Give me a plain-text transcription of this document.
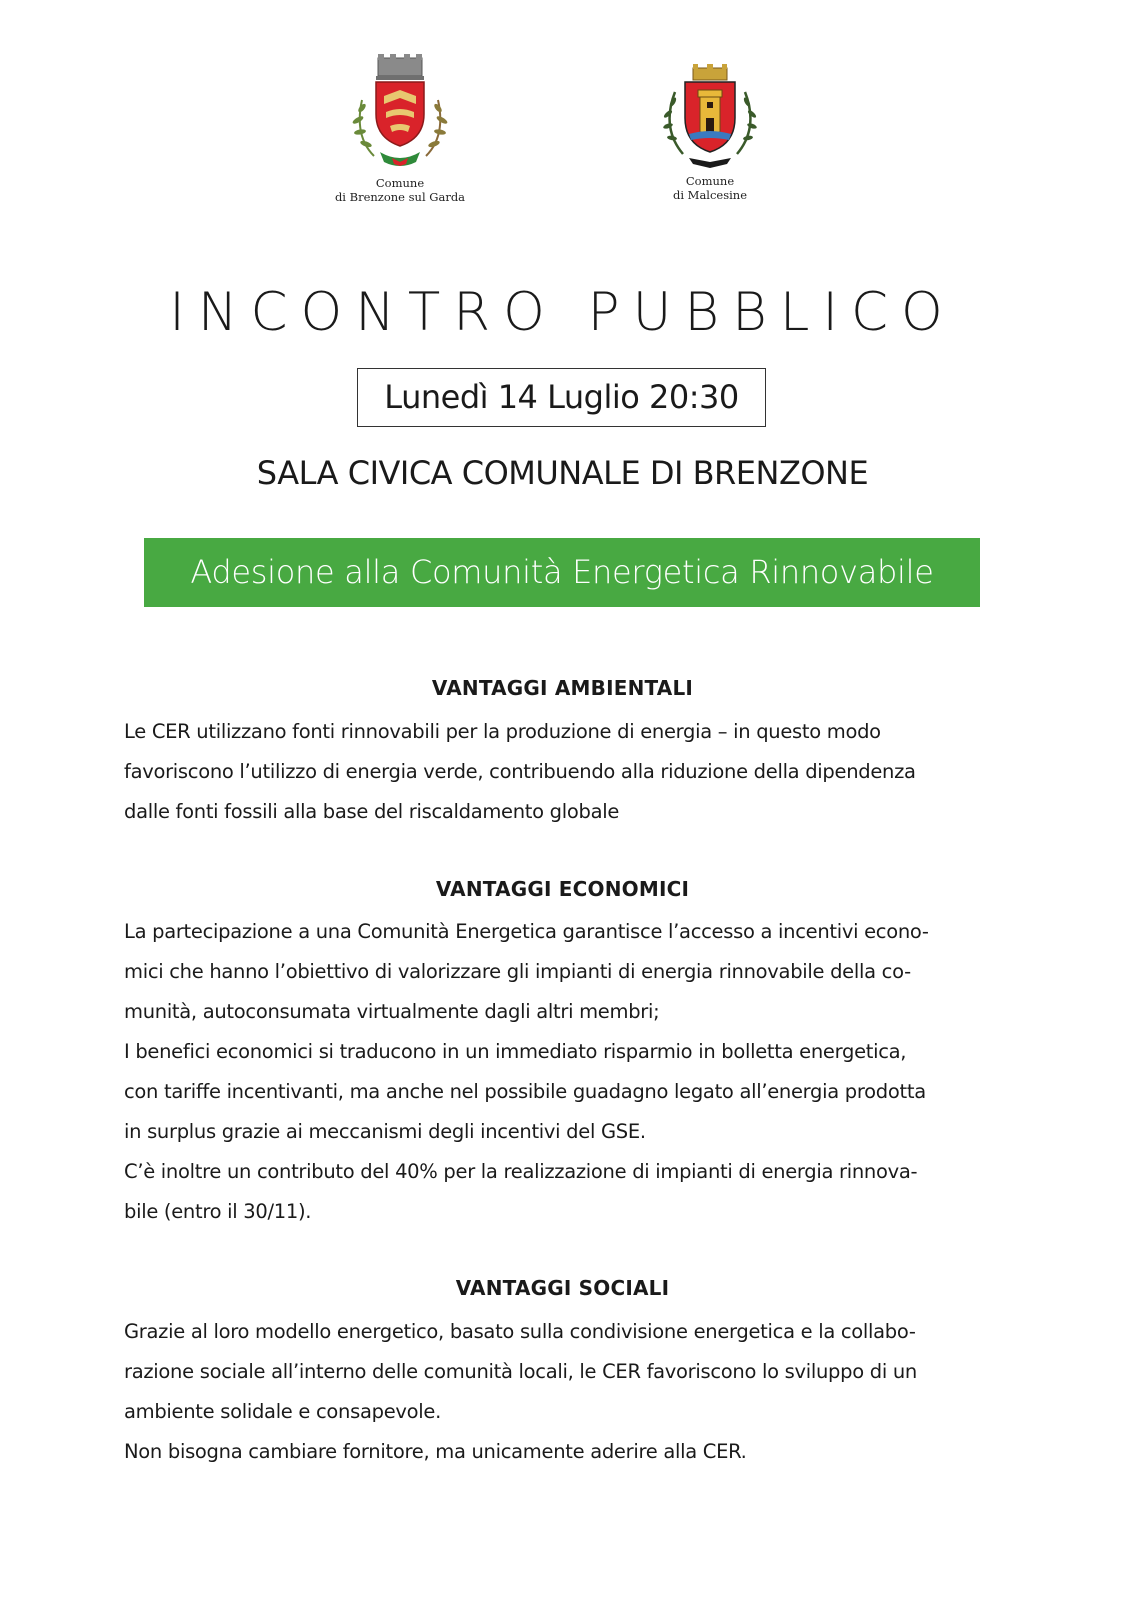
Comune
di Brenzone sul Garda
Comune
di Malcesine
INCONTRO PUBBLICO
Lunedì 14 Luglio 20:30
SALA CIVICA COMUNALE DI BRENZONE
Adesione alla Comunità Energetica Rinnovabile
VANTAGGI AMBIENTALI

Le CER utilizzano fonti rinnovabili per la produzione di energia – in questo modo

favoriscono l’utilizzo di energia verde, contribuendo alla riduzione della dipendenza

dalle fonti fossili alla base del riscaldamento globale

VANTAGGI ECONOMICI

La partecipazione a una Comunità Energetica garantisce l’accesso a incentivi econo-

mici che hanno l’obiettivo di valorizzare gli impianti di energia rinnovabile della co-

munità, autoconsumata virtualmente dagli altri membri;

I benefici economici si traducono in un immediato risparmio in bolletta energetica,

con tariffe incentivanti, ma anche nel possibile guadagno legato all’energia prodotta

in surplus grazie ai meccanismi degli incentivi del GSE.

C’è inoltre un contributo del 40% per la realizzazione di impianti di energia rinnova-

bile (entro il 30/11).

VANTAGGI SOCIALI

Grazie al loro modello energetico, basato sulla condivisione energetica e la collabo-

razione sociale all’interno delle comunità locali, le CER favoriscono lo sviluppo di un

ambiente solidale e consapevole.

Non bisogna cambiare fornitore, ma unicamente aderire alla CER.
